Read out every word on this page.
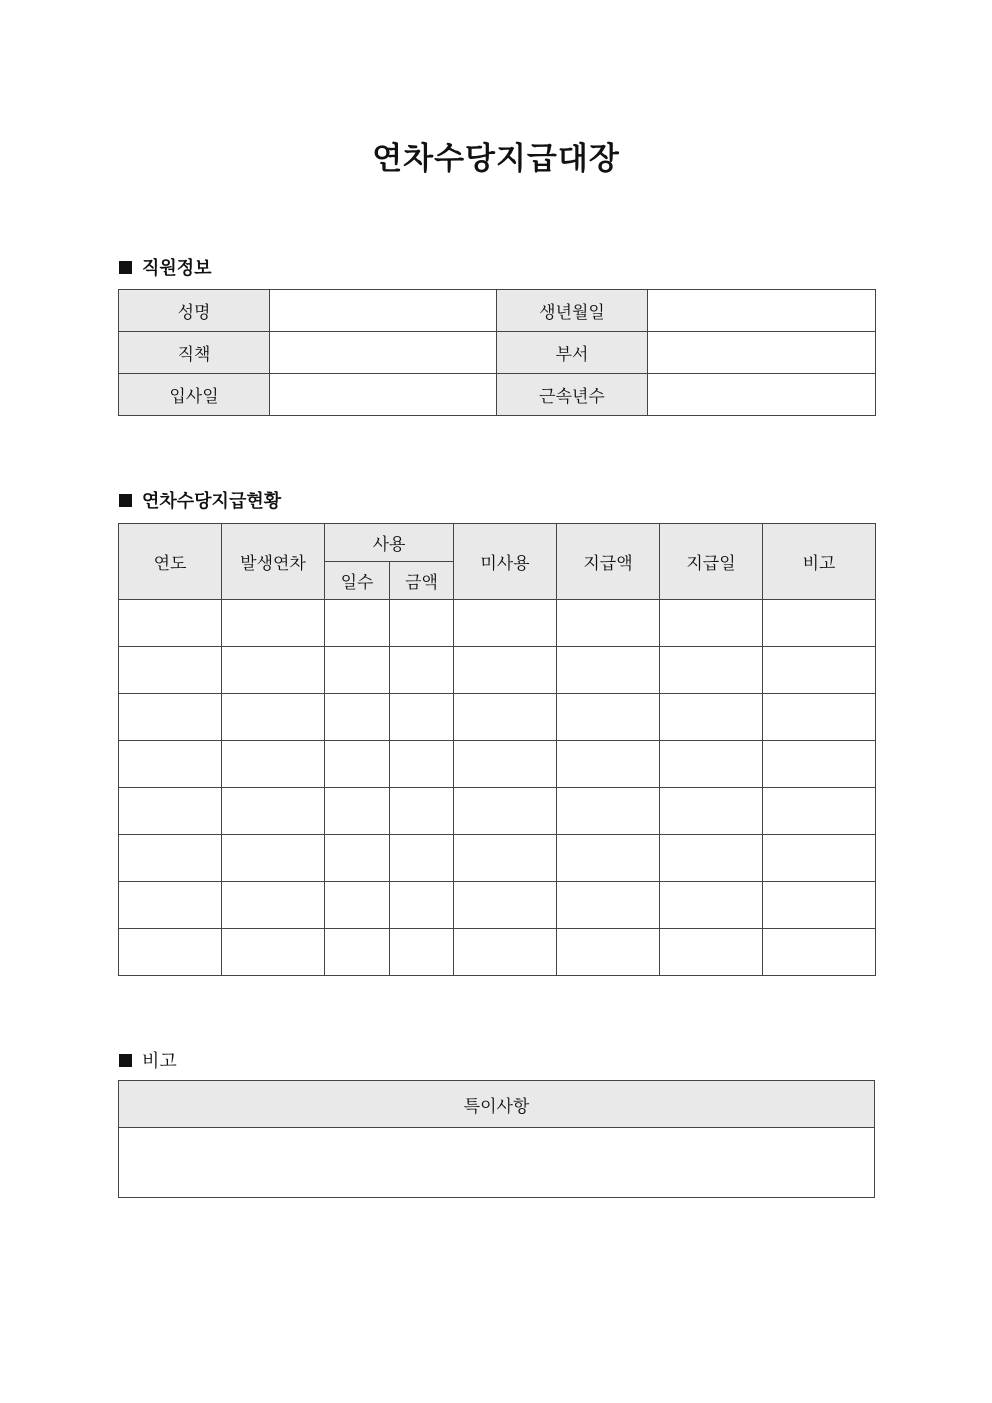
연차수당지급대장
직원정보
성명		생년월일	
직책		부서	
입사일		근속년수	
연차수당지급현황
연도	발생연차	사용		미사용	지급액	지급일	비고
		일수	금액				

비고
특이사항
